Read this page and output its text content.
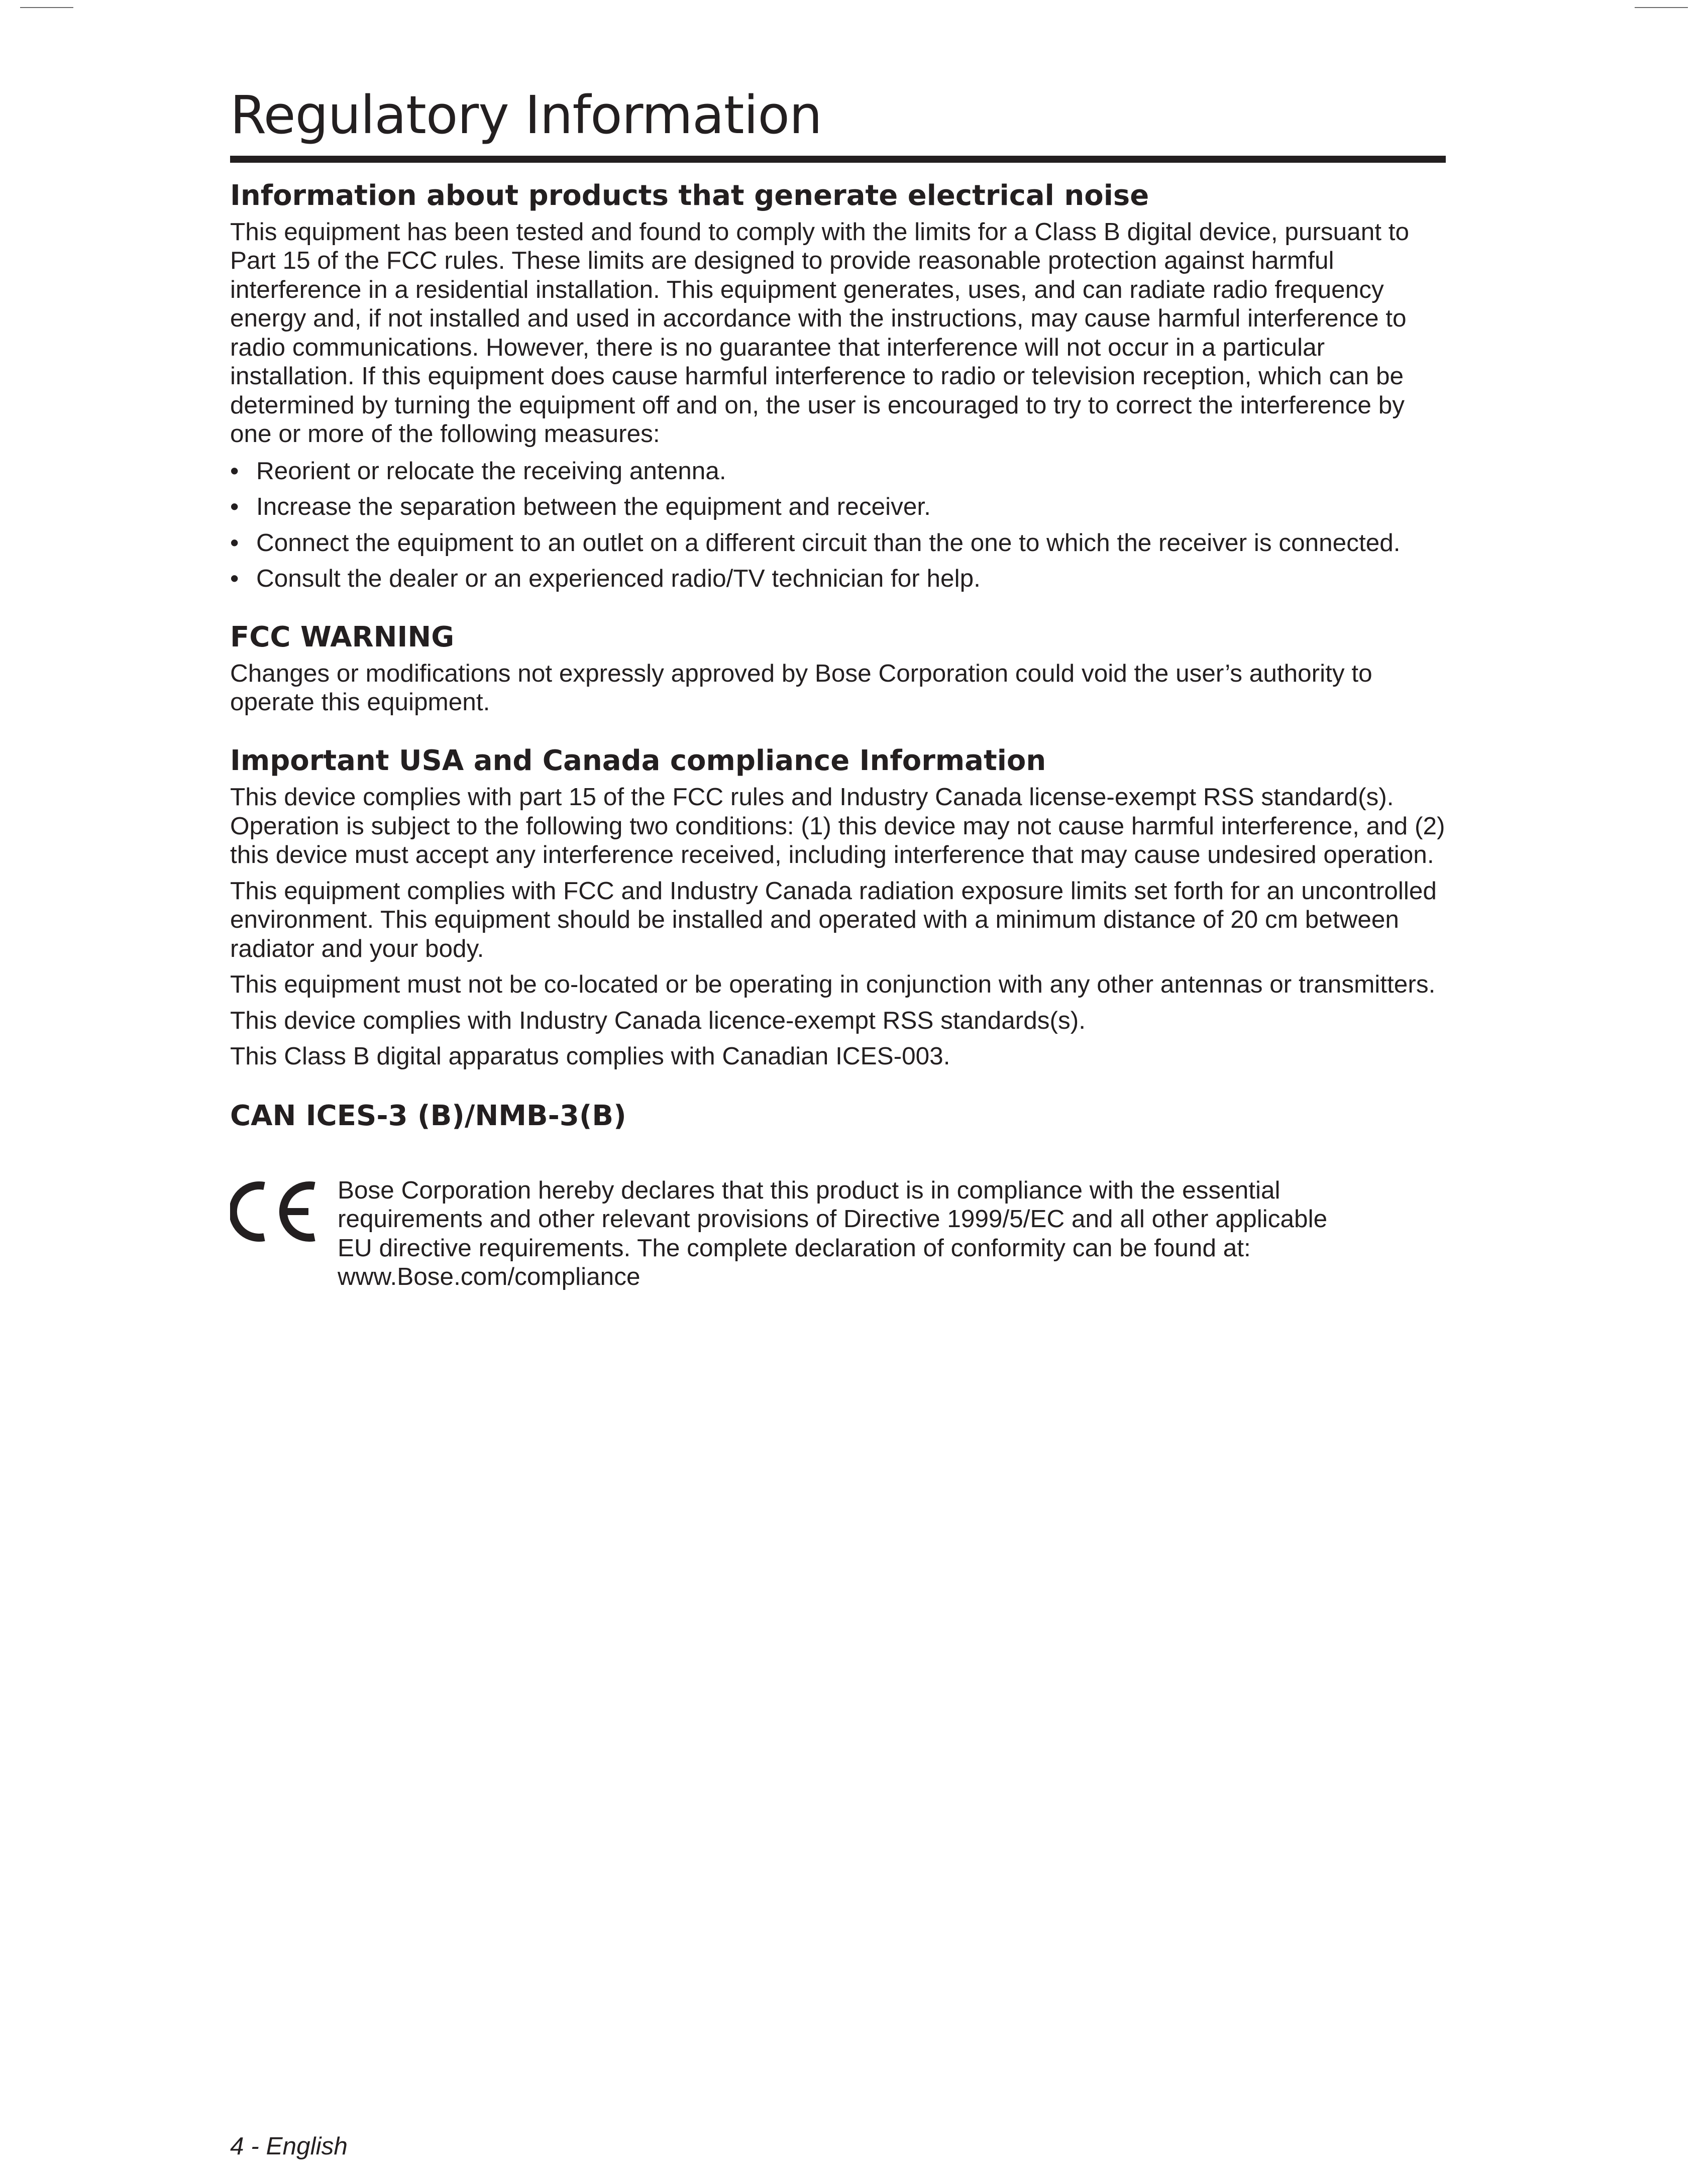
Regulatory Information
Information about products that generate electrical noise

This equipment has been tested and found to comply with the limits for a Class B digital device, pursuant to Part 15 of the FCC rules. These limits are designed to provide reasonable protection against harmful interference in a residential installation. This equipment generates, uses, and can radiate radio frequency energy and, if not installed and used in accordance with the instructions, may cause harmful interference to radio communications. However, there is no guarantee that interference will not occur in a particular installation. If this equipment does cause harmful interference to radio or television reception, which can be determined by turning the equipment off and on, the user is encouraged to try to correct the interference by one or more of the following measures:

• Reorient or relocate the receiving antenna.
• Increase the separation between the equipment and receiver.
• Connect the equipment to an outlet on a different circuit than the one to which the receiver is connected.
• Consult the dealer or an experienced radio/TV technician for help.
FCC WARNING

Changes or modifications not expressly approved by Bose Corporation could void the user’s authority to operate this equipment.

Important USA and Canada compliance Information

This device complies with part 15 of the FCC rules and Industry Canada license-exempt RSS standard(s). Operation is subject to the following two conditions: (1) this device may not cause harmful interference, and (2) this device must accept any interference received, including interference that may cause undesired operation.

This equipment complies with FCC and Industry Canada radiation exposure limits set forth for an uncontrolled environment. This equipment should be installed and operated with a minimum distance of 20 cm between radiator and your body.

This equipment must not be co-located or be operating in conjunction with any other antennas or transmitters.

This device complies with Industry Canada licence-exempt RSS standards(s).

This Class B digital apparatus complies with Canadian ICES-003.

CAN ICES-3 (B)/NMB-3(B)
Bose Corporation hereby declares that this product is in compliance with the essential
requirements and other relevant provisions of Directive 1999/5/EC and all other applicable
EU directive requirements. The complete declaration of conformity can be found at:
www.Bose.com/compliance
4 - English
